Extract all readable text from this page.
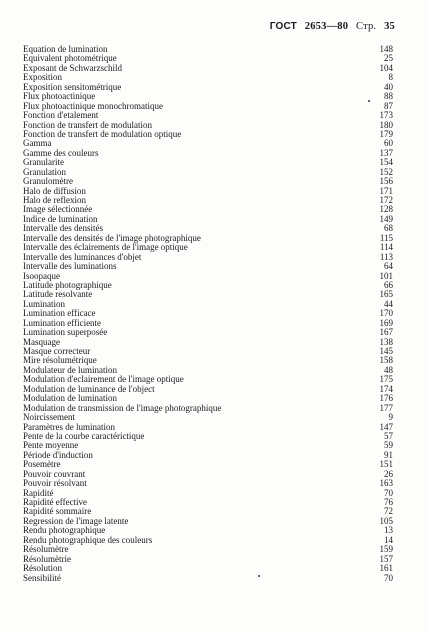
ГОСТ 2653—80 Стр. 35
Équation de lumination	148
Équivalent photométrique	25
Exposant de Schwarzschild	104
Exposition	8
Exposition sensitométrique	40
Flux photoactinique	88
Flux photoactinique monochromatique	87
Fonction d'etalement	173
Fonction de transfert de modulation	180
Fonction de transfert de modulation optique	179
Gamma	60
Gamme des couleurs	137
Granularite	154
Granulation	152
Granulomètre	156
Halo de diffusion	171
Halo de reflexion	172
Image sélectionnée	128
Indice de lumination	149
Intervalle des densités	68
Intervalle des densités de l'image photographique	115
Intervalle des éclairements de l'image optique	114
Intervalle des luminances d'objet	113
Intervalle des luminations	64
Isoopaque	101
Latitude photographique	66
Latitude resolvante	165
Lumination	44
Lumination efficace	170
Lumination efficiente	169
Lumination superposée	167
Masquage	138
Masque correcteur	145
Mire résolumétrique	158
Modulateur de lumination	48
Modulation d'eclairement de l'image optique	175
Modulation de luminance de l'object	174
Modulation de lumination	176
Modulation de transmission de l'image photographique	177
Noircissement	9
Paramètres de lumination	147
Pente de la courbe caractérictique	57
Pente moyenne	59
Période d'induction	91
Posemètre	151
Pouvoir couvrant	26
Pouvoir résolvant	163
Rapidité	70
Rapidité effective	76
Rapidité sommaire	72
Regression de l'image latente	105
Rendu photographique	13
Rendu photographique des couleurs	14
Résolumètre	159
Résolumètrie	157
Résolution	161
Sensibilité	70
